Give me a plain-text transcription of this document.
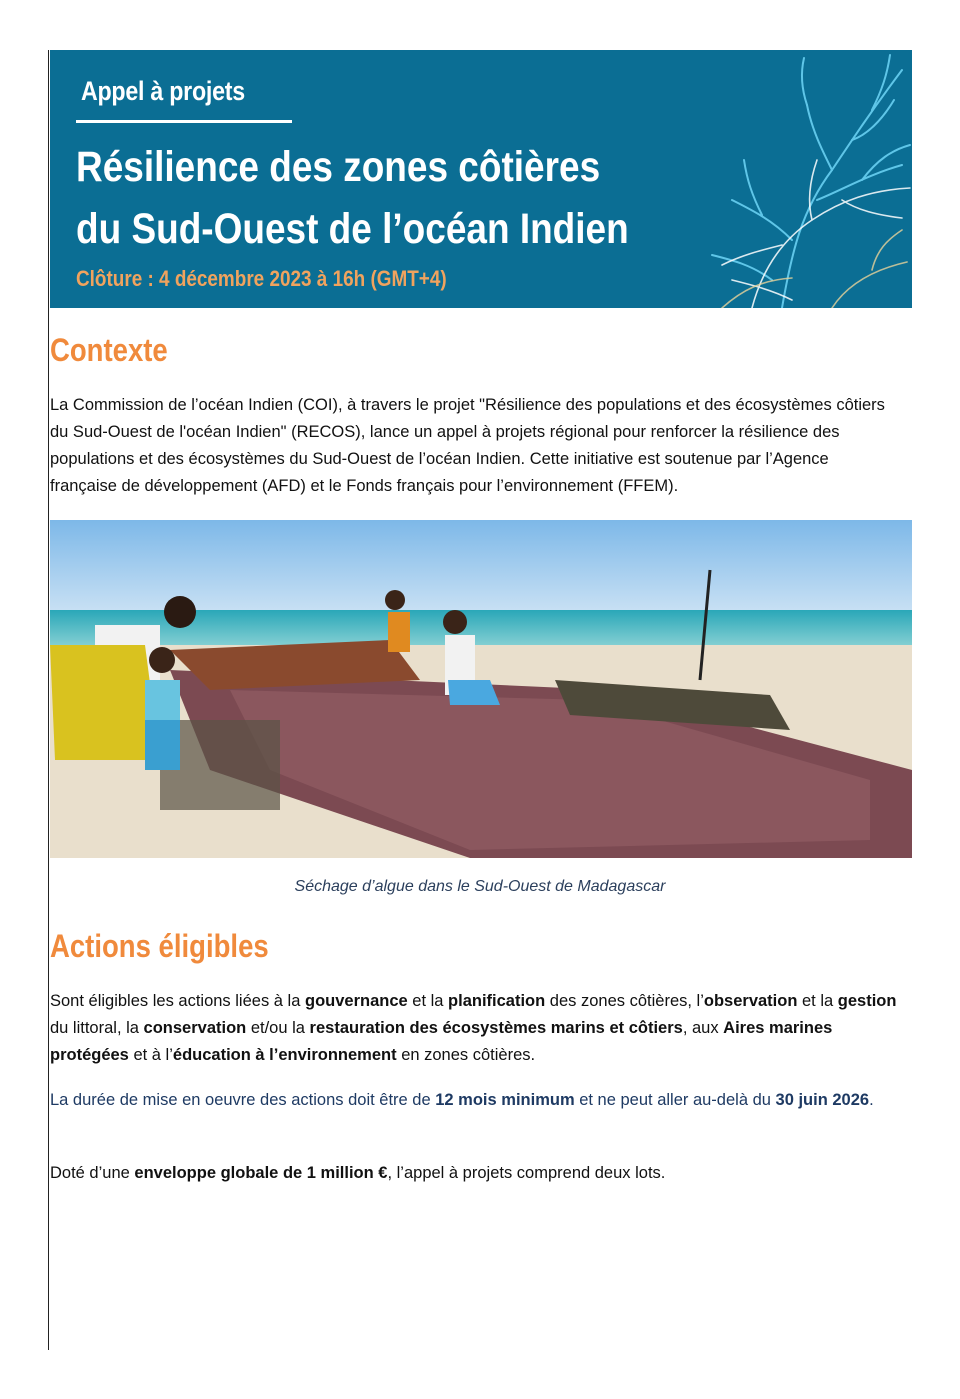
Appel à projets
Résilience des zones côtières
du Sud-Ouest de l’océan Indien
Clôture : 4 décembre 2023 à 16h (GMT+4)
Contexte
La Commission de l’océan Indien (COI), à travers le projet "Résilience des populations et des écosystèmes côtiers du Sud-Ouest de l'océan Indien" (RECOS), lance un appel à projets régional pour renforcer la résilience des populations et des écosystèmes du Sud-Ouest de l’océan Indien. Cette initiative est soutenue par l’Agence française de développement (AFD) et le Fonds français pour l’environnement (FFEM).
Séchage d’algue dans le Sud-Ouest de Madagascar
Actions éligibles
Sont éligibles les actions liées à la gouvernance et la planification des zones côtières, l’observation et la gestion du littoral, la conservation et/ou la restauration des écosystèmes marins et côtiers, aux Aires marines protégées et à l’éducation à l’environnement en zones côtières.
La durée de mise en oeuvre des actions doit être de 12 mois minimum et ne peut aller au-delà du 30 juin 2026.
Doté d’une enveloppe globale de 1 million €, l’appel à projets comprend deux lots.
